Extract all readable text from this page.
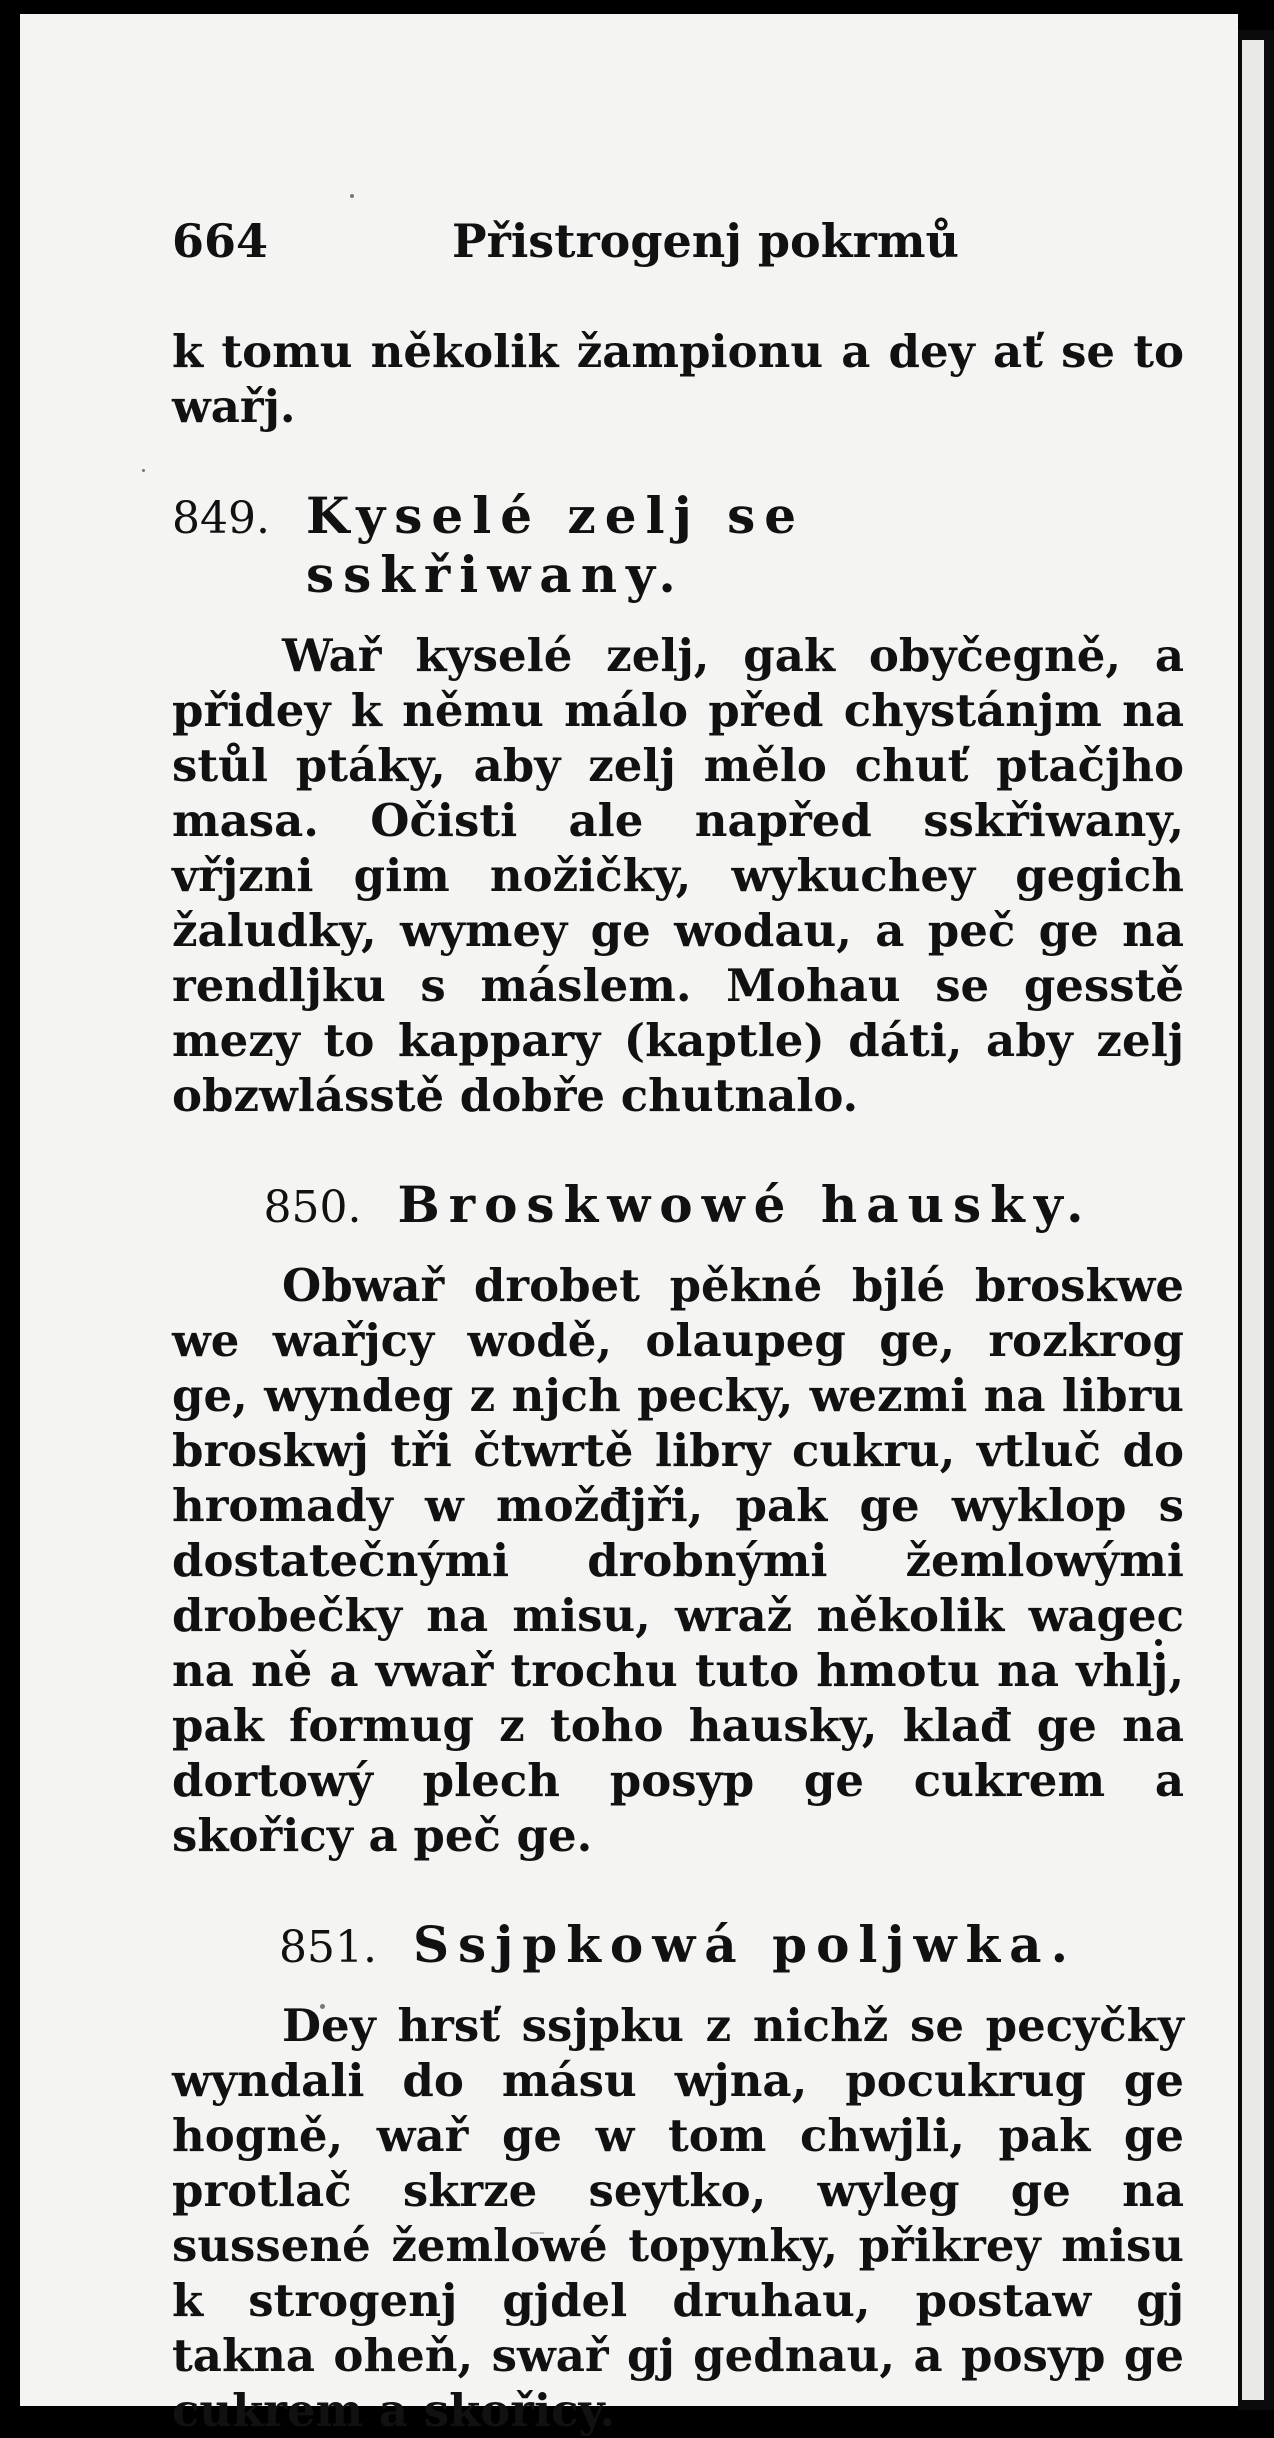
664	Přistrogenj pokrmů

k tomu několik žampionu a dey ať se to wařj.

849. Kyselé zelj se sskřiwany.

Wař kyselé zelj, gak obyčegně, a přidey k němu málo před chystánjm na stůl ptáky, aby zelj mělo chuť ptačjho masa. Očisti ale napřed sskřiwany, vřjzni gim nožičky, wykuchey gegich žaludky, wymey ge wodau, a peč ge na rendljku s máslem. Mohau se gesstě mezy to kappary (kaptle) dáti, aby zelj obzwlásstě dobře chutnalo.

850. Broskwowé hausky.

Obwař drobet pěkné bjlé broskwe we wařjcy wodě, olaupeg ge, rozkrog ge, wyndeg z njch pecky, wezmi na libru broskwj tři čtwrtě libry cukru, vtluč do hromady w možđjři, pak ge wyklop s dostatečnými drobnými žemlowými drobečky na misu, wraž několik wagec na ně a vwař trochu tuto hmotu na vhlj, pak formug z toho hausky, klađ ge na dortowý plech posyp ge cukrem a skořicy a peč ge.

851. Ssjpkowá poljwka.

Dey hrsť ssjpku z nichž se pecyčky wyndali do másu wjna, pocukrug ge hogně, wař ge w tom chwjli, pak ge protlač skrze seytko, wyleg ge na sussené žemlowé topynky, přikrey misu k strogenj gjdel druhau, postaw gj takna oheň, swař gj gednau, a posyp ge cukrem a skořicy.
